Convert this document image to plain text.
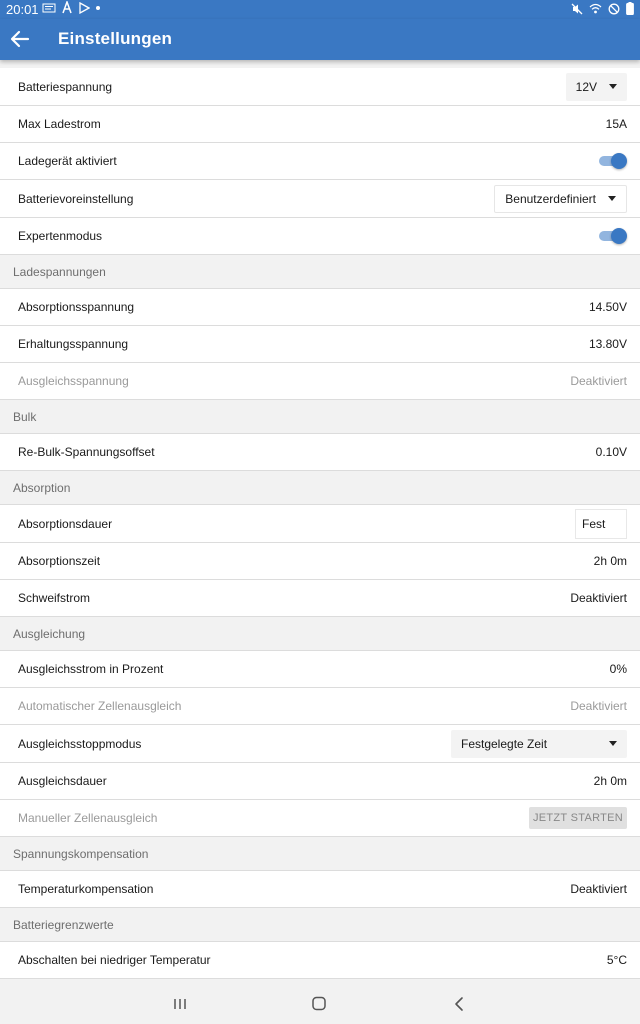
20:01
Einstellungen
Batteriespannung	12V
Max Ladestrom	15A
Ladegerät aktiviert
Batterievoreinstellung	Benutzerdefiniert
Expertenmodus
Ladespannungen
Absorptionsspannung	14.50V
Erhaltungsspannung	13.80V
Ausgleichsspannung	Deaktiviert
Bulk
Re-Bulk-Spannungsoffset	0.10V
Absorption
Absorptionsdauer	Fest
Absorptionszeit	2h 0m
Schweifstrom	Deaktiviert
Ausgleichung
Ausgleichsstrom in Prozent	0%
Automatischer Zellenausgleich	Deaktiviert
Ausgleichsstoppmodus	Festgelegte Zeit
Ausgleichsdauer	2h 0m
Manueller Zellenausgleich	JETZT STARTEN
Spannungskompensation
Temperaturkompensation	Deaktiviert
Batteriegrenzwerte
Abschalten bei niedriger Temperatur	5°C
